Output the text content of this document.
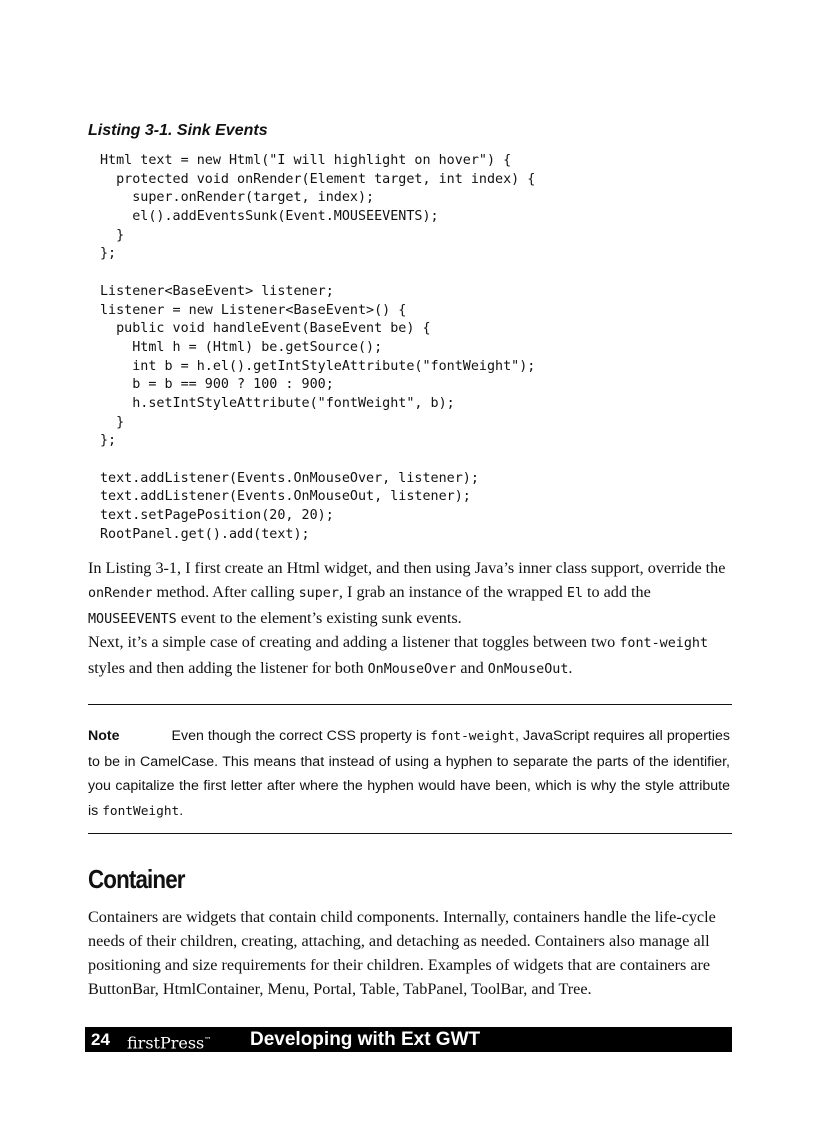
Listing 3-1. Sink Events

Html text = new Html("I will highlight on hover") {
protected void onRender(Element target, int index) {
super.onRender(target, index);
el().addEventsSunk(Event.MOUSEEVENTS);
}
};
Listener<BaseEvent> listener;
listener = new Listener<BaseEvent>() {
public void handleEvent(BaseEvent be) {
Html h = (Html) be.getSource();
int b = h.el().getIntStyleAttribute("fontWeight");
b = b == 900 ? 100 : 900;
h.setIntStyleAttribute("fontWeight", b);
}
};
text.addListener(Events.OnMouseOver, listener);
text.addListener(Events.OnMouseOut, listener);
text.setPagePosition(20, 20);
RootPanel.get().add(text);

In Listing 3-1, I first create an Html widget, and then using Java’s inner class support, override the onRender method. After calling super, I grab an instance of the wrapped El to add the MOUSEEVENTS event to the element’s existing sunk events.

Next, it’s a simple case of creating and adding a listener that toggles between two font-weight styles and then adding the listener for both OnMouseOver and OnMouseOut.

Note	Even though the correct CSS property is font-weight, JavaScript requires all properties to be in CamelCase. This means that instead of using a hyphen to separate the parts of the identifier, you capitalize the first letter after where the hyphen would have been, which is why the style attribute is fontWeight.

Container

Containers are widgets that contain child components. Internally, containers handle the life-cycle needs of their children, creating, attaching, and detaching as needed. Containers also manage all positioning and size requirements for their children. Examples of widgets that are containers are ButtonBar, HtmlContainer, Menu, Portal, Table, TabPanel, ToolBar, and Tree.

24 firstPress™ Developing with Ext GWT
